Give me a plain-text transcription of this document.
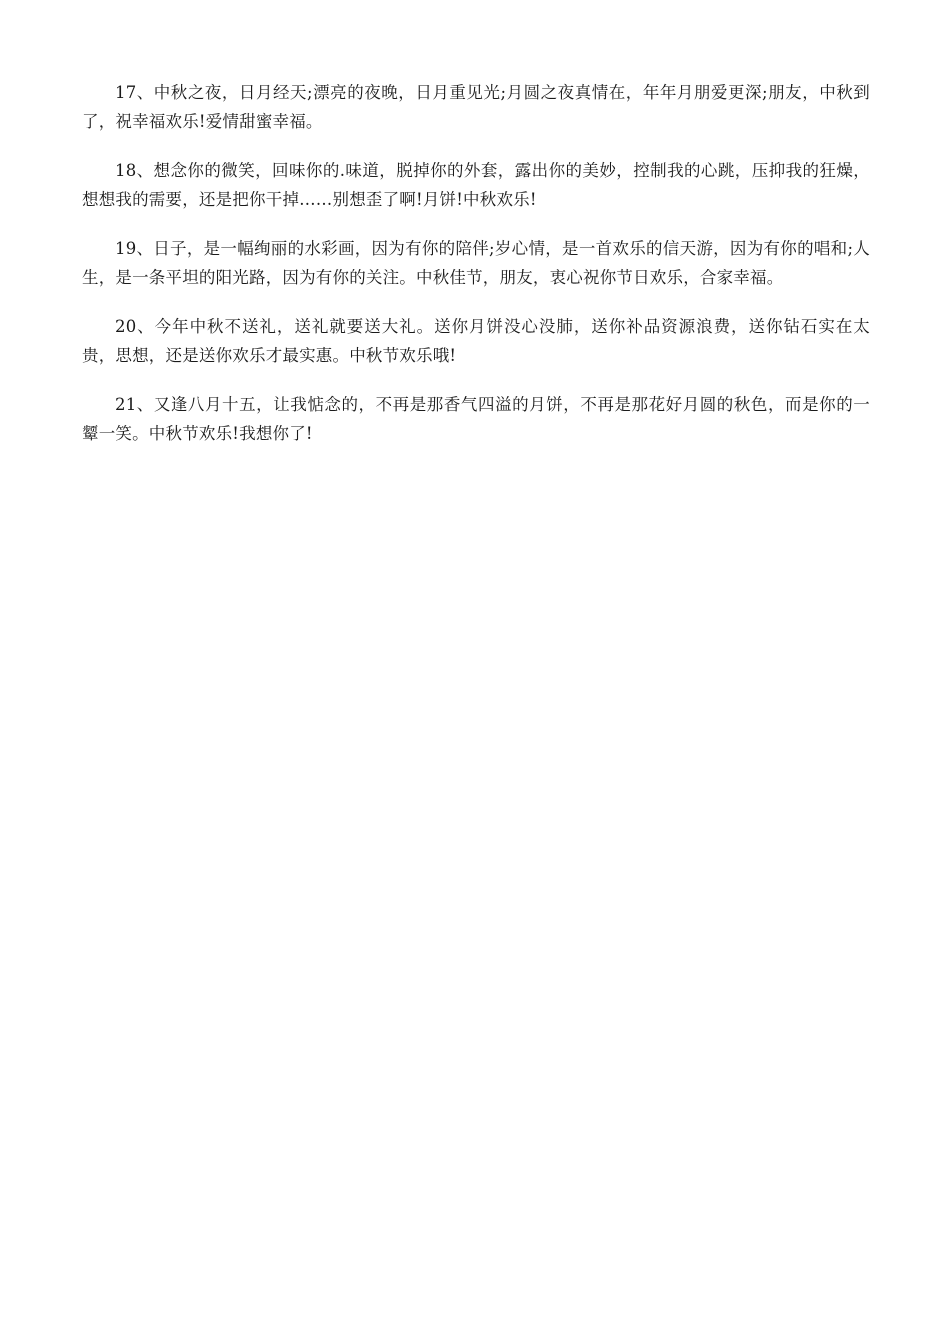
17、中秋之夜，日月经天;漂亮的夜晚，日月重见光;月圆之夜真情在，年年月朋爱更深;朋友，中秋到了，祝幸福欢乐!爱情甜蜜幸福。

18、想念你的微笑，回味你的.味道，脱掉你的外套，露出你的美妙，控制我的心跳，压抑我的狂燥，想想我的需要，还是把你干掉……别想歪了啊!月饼!中秋欢乐!

19、日子，是一幅绚丽的水彩画，因为有你的陪伴;岁心情，是一首欢乐的信天游，因为有你的唱和;人生，是一条平坦的阳光路，因为有你的关注。中秋佳节，朋友，衷心祝你节日欢乐，合家幸福。

20、今年中秋不送礼，送礼就要送大礼。送你月饼没心没肺，送你补品资源浪费，送你钻石实在太贵，思想，还是送你欢乐才最实惠。中秋节欢乐哦!

21、又逢八月十五，让我惦念的，不再是那香气四溢的月饼，不再是那花好月圆的秋色，而是你的一颦一笑。中秋节欢乐!我想你了!
